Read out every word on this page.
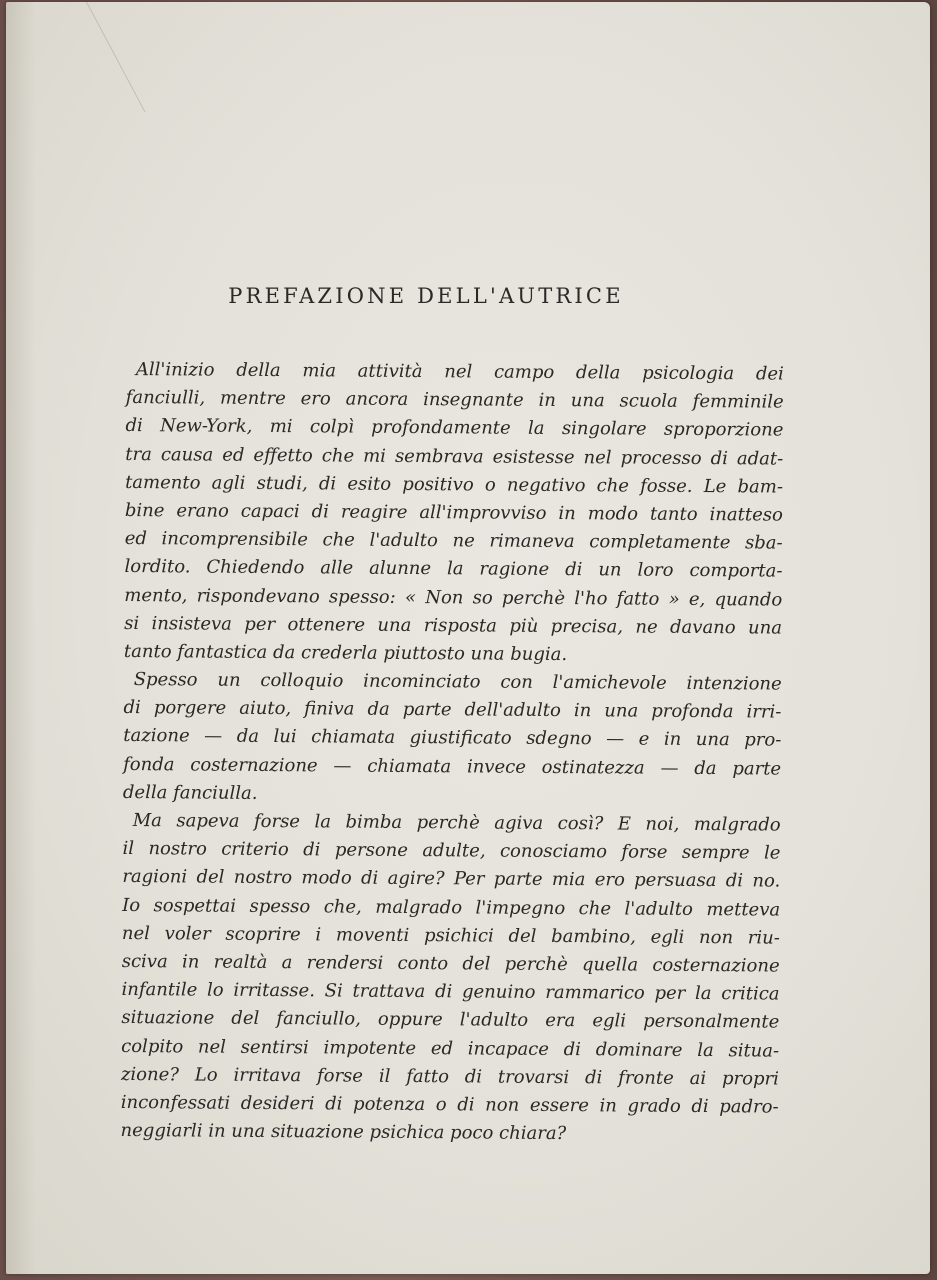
PREFAZIONE DELL'AUTRICE
All'inizio della mia attività nel campo della psicologia dei
fanciulli, mentre ero ancora insegnante in una scuola femminile
di New-York, mi colpì profondamente la singolare sproporzione
tra causa ed effetto che mi sembrava esistesse nel processo di adat-
tamento agli studi, di esito positivo o negativo che fosse. Le bam-
bine erano capaci di reagire all'improvviso in modo tanto inatteso
ed incomprensibile che l'adulto ne rimaneva completamente sba-
lordito. Chiedendo alle alunne la ragione di un loro comporta-
mento, rispondevano spesso: « Non so perchè l'ho fatto » e, quando
si insisteva per ottenere una risposta più precisa, ne davano una
tanto
fantastica
da
crederla
piuttosto
una
bugia.

Spesso un colloquio incominciato con l'amichevole intenzione
di porgere aiuto, finiva da parte dell'adulto in una profonda irri-
tazione — da lui chiamata giustificato sdegno — e in una pro-
fonda costernazione — chiamata invece ostinatezza — da parte
della
fanciulla.

Ma sapeva forse la bimba perchè agiva così? E noi, malgrado
il nostro criterio di persone adulte, conosciamo forse sempre le
ragioni del nostro modo di agire? Per parte mia ero persuasa di no.
Io sospettai spesso che, malgrado l'impegno che l'adulto metteva
nel voler scoprire i moventi psichici del bambino, egli non riu-
sciva in realtà a rendersi conto del perchè quella costernazione
infantile lo irritasse. Si trattava di genuino rammarico per la critica
situazione del fanciullo, oppure l'adulto era egli personalmente
colpito nel sentirsi impotente ed incapace di dominare la situa-
zione? Lo irritava forse il fatto di trovarsi di fronte ai propri
inconfessati desideri di potenza o di non essere in grado di padro-
neggiarli
in
una
situazione
psichica
poco
chiara?
